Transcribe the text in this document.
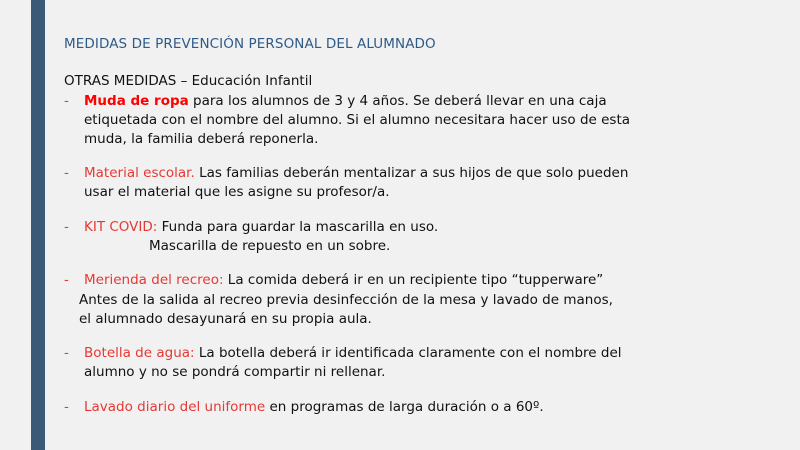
MEDIDAS DE PREVENCIÓN PERSONAL DEL ALUMNADO
OTRAS MEDIDAS – Educación Infantil
- Muda de ropa para los alumnos de 3 y 4 años. Se deberá llevar en una caja
etiquetada con el nombre del alumno. Si el alumno necesitara hacer uso de esta
muda, la familia deberá reponerla.
- Material escolar. Las familias deberán mentalizar a sus hijos de que solo pueden
usar el material que les asigne su profesor/a.
- KIT COVID: Funda para guardar la mascarilla en uso.
Mascarilla de repuesto en un sobre.
- Merienda del recreo: La comida deberá ir en un recipiente tipo “tupperware”
Antes de la salida al recreo previa desinfección de la mesa y lavado de manos,
el alumnado desayunará en su propia aula.
- Botella de agua: La botella deberá ir identificada claramente con el nombre del
alumno y no se pondrá compartir ni rellenar.
- Lavado diario del uniforme en programas de larga duración o a 60º.
